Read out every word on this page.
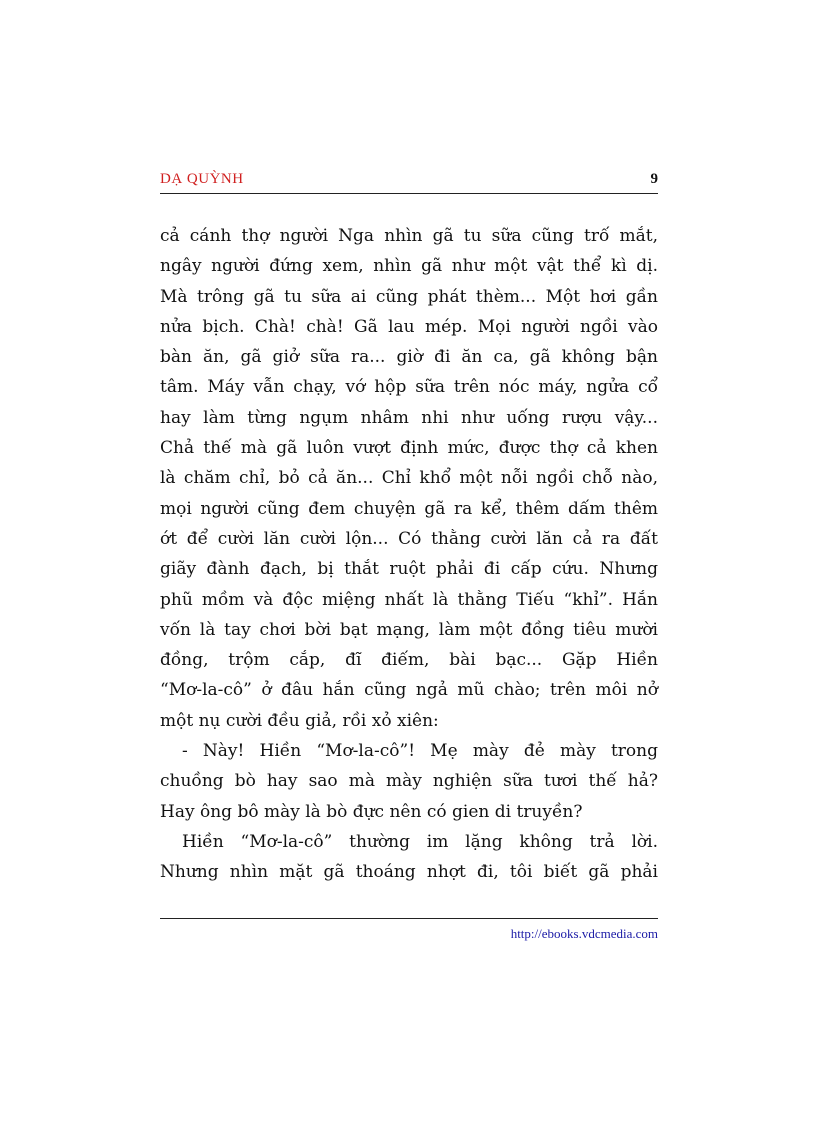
DẠ QUỲNH	9

cả cánh thợ người Nga nhìn gã tu sữa cũng trố mắt,
ngây người đứng xem, nhìn gã như một vật thể kì dị.
Mà trông gã tu sữa ai cũng phát thèm... Một hơi gần
nửa bịch. Chà! chà! Gã lau mép. Mọi người ngồi vào
bàn ăn, gã giở sữa ra... giờ đi ăn ca, gã không bận
tâm. Máy vẫn chạy, vớ hộp sữa trên nóc máy, ngửa cổ
hay làm từng ngụm nhâm nhi như uống rượu vậy...
Chả thế mà gã luôn vượt định mức, được thợ cả khen
là chăm chỉ, bỏ cả ăn... Chỉ khổ một nỗi ngồi chỗ nào,
mọi người cũng đem chuyện gã ra kể, thêm dấm thêm
ớt để cười lăn cười lộn... Có thằng cười lăn cả ra đất
giãy đành đạch, bị thắt ruột phải đi cấp cứu. Nhưng
phũ mồm và độc miệng nhất là thằng Tiếu “khỉ”. Hắn
vốn là tay chơi bời bạt mạng, làm một đồng tiêu mười
đồng, trộm cắp, đĩ điếm, bài bạc... Gặp Hiền
“Mơ-la-cô” ở đâu hắn cũng ngả mũ chào; trên môi nở
một nụ cười đều giả, rồi xỏ xiên:

- Này! Hiền “Mơ-la-cô”! Mẹ mày đẻ mày trong
chuồng bò hay sao mà mày nghiện sữa tươi thế hả?
Hay ông bô mày là bò đực nên có gien di truyền?

Hiền “Mơ-la-cô” thường im lặng không trả lời.
Nhưng nhìn mặt gã thoáng nhợt đi, tôi biết gã phải

http://ebooks.vdcmedia.com
